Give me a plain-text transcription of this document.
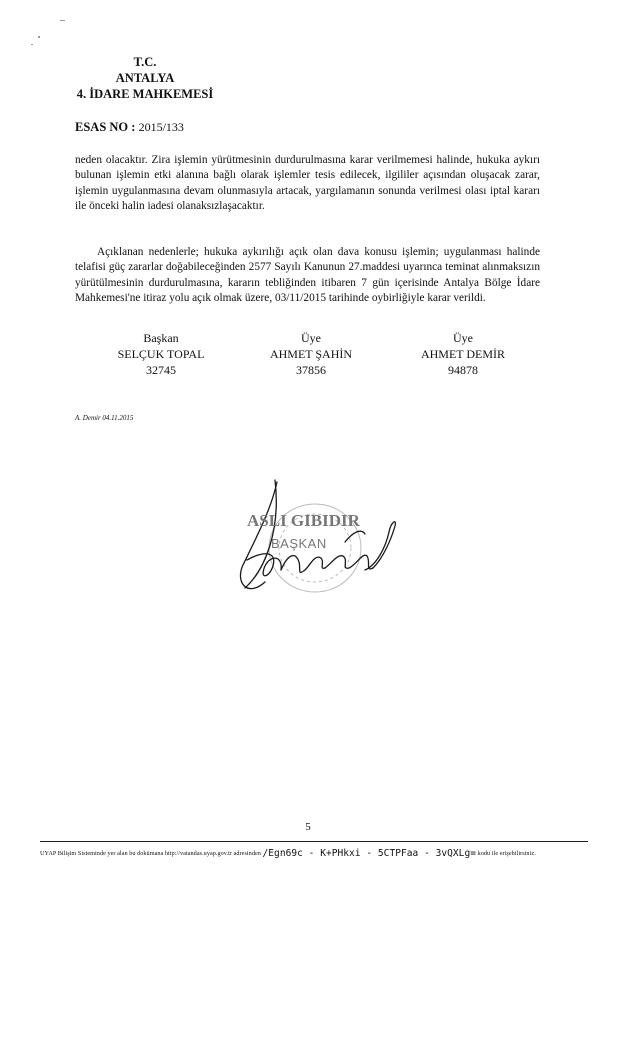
T.C.
ANTALYA
4. İDARE MAHKEMESİ
ESAS NO : 2015/133
neden olacaktır. Zira işlemin yürütmesinin durdurulmasına karar verilmemesi halinde, hukuka aykırı bulunan işlemin etki alanına bağlı olarak işlemler tesis edilecek, ilgililer açısından oluşacak zarar, işlemin uygulanmasına devam olunmasıyla artacak, yargılamanın sonunda verilmesi olası iptal kararı ile önceki halin iadesi olanaksızlaşacaktır.
Açıklanan nedenlerle; hukuka aykırılığı açık olan dava konusu işlemin; uygulanması halinde telafisi güç zararlar doğabileceğinden 2577 Sayılı Kanunun 27.maddesi uyarınca teminat alınmaksızın yürütülmesinin durdurulmasına, kararın tebliğinden itibaren 7 gün içerisinde Antalya Bölge İdare Mahkemesi'ne itiraz yolu açık olmak üzere, 03/11/2015 tarihinde oybirliğiyle karar verildi.
Başkan
SELÇUK TOPAL
32745
Üye
AHMET ŞAHİN
37856
Üye
AHMET DEMİR
94878
A. Demir 04.11.2015
ASLI GIBIDIR
BAŞKAN
5
UYAP Bilişim Sisteminde yer alan bu dokümana http://vatandas.uyap.gov.tr adresinden /Egn69c - K+PHkxi - 5CTPFaa - 3vQXLg= kodu ile erişebilirsiniz.
